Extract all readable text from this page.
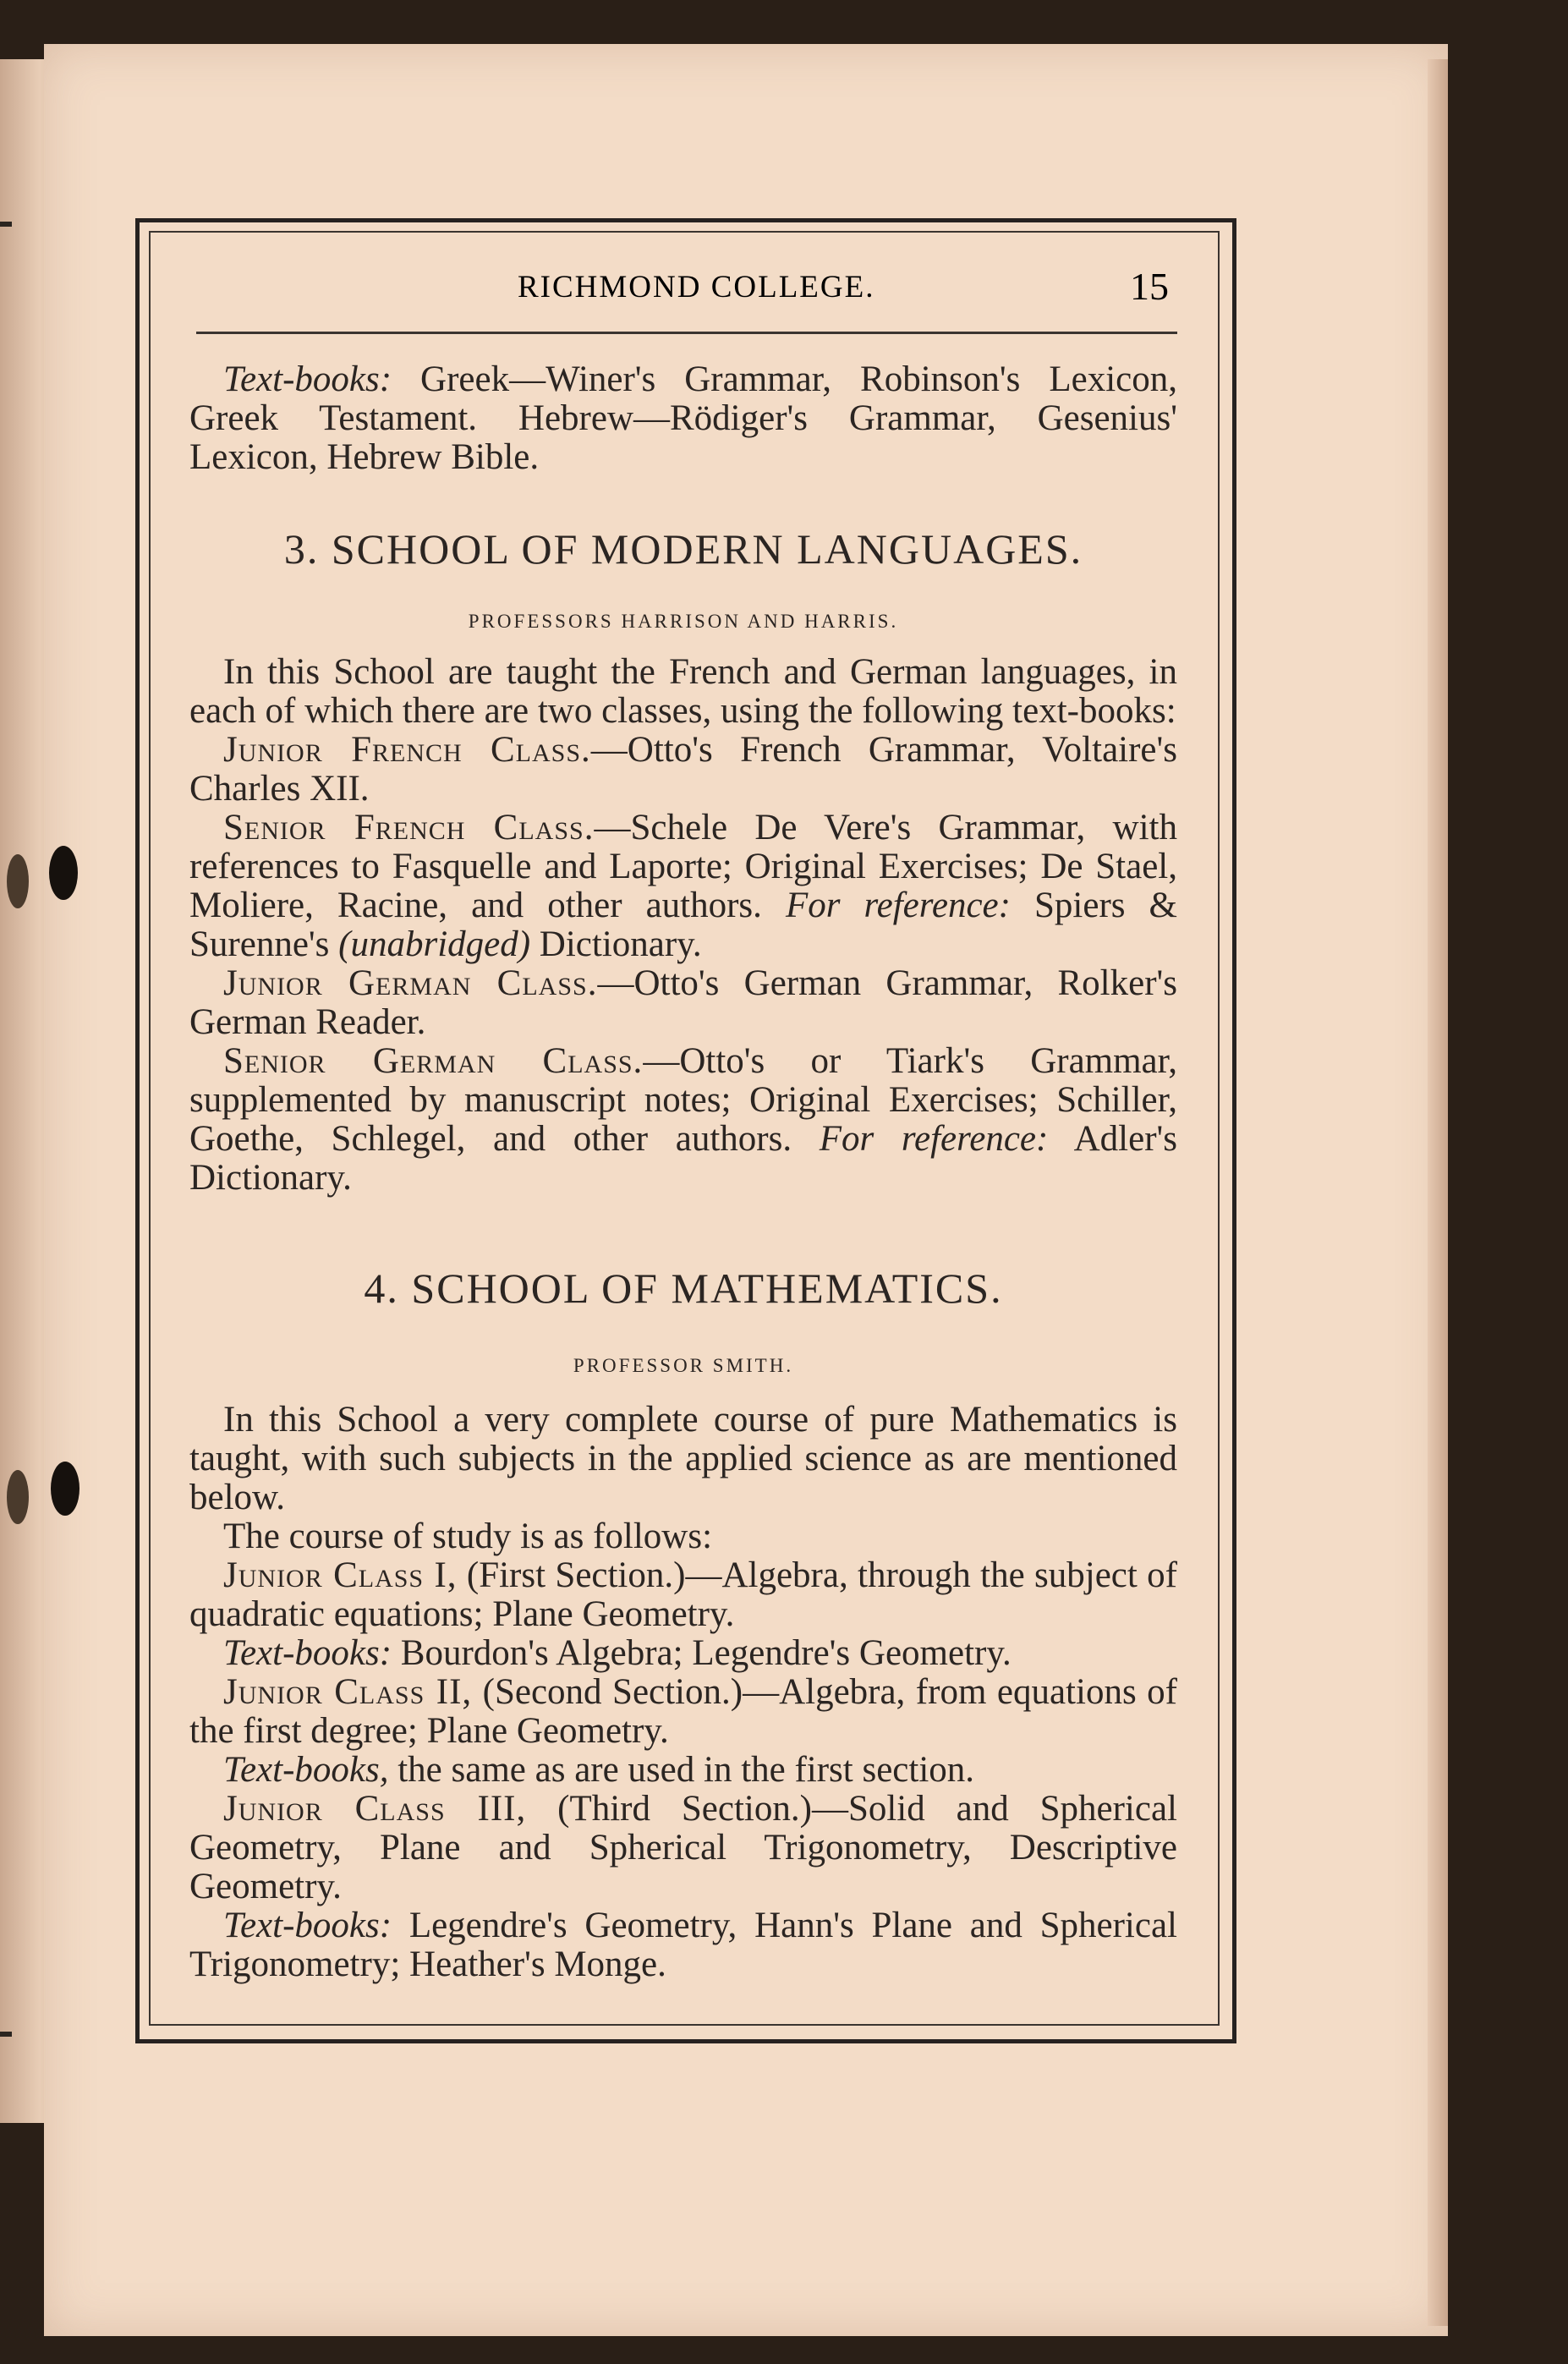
RICHMOND COLLEGE.	15

Text-books: Greek—Winer's Grammar, Robinson's Lexicon, Greek Testament. Hebrew—Rödiger's Grammar, Gesenius' Lexicon, Hebrew Bible.

3. SCHOOL OF MODERN LANGUAGES.

PROFESSORS HARRISON AND HARRIS.

In this School are taught the French and German languages, in each of which there are two classes, using the following text-books:

Junior French Class.—Otto's French Grammar, Voltaire's Charles XII.

Senior French Class.—Schele De Vere's Grammar, with references to Fasquelle and Laporte; Original Exercises; De Stael, Moliere, Racine, and other authors. For reference: Spiers & Surenne's (unabridged) Dictionary.

Junior German Class.—Otto's German Grammar, Rolker's German Reader.

Senior German Class.—Otto's or Tiark's Grammar, supplemented by manuscript notes; Original Exercises; Schiller, Goethe, Schlegel, and other authors. For reference: Adler's Dictionary.

4. SCHOOL OF MATHEMATICS.

PROFESSOR SMITH.

In this School a very complete course of pure Mathematics is taught, with such subjects in the applied science as are mentioned below.

The course of study is as follows:

Junior Class I, (First Section.)—Algebra, through the subject of quadratic equations; Plane Geometry.

Text-books: Bourdon's Algebra; Legendre's Geometry.

Junior Class II, (Second Section.)—Algebra, from equations of the first degree; Plane Geometry.

Text-books, the same as are used in the first section.

Junior Class III, (Third Section.)—Solid and Spherical Geometry, Plane and Spherical Trigonometry, Descriptive Geometry.

Text-books: Legendre's Geometry, Hann's Plane and Spherical Trigonometry; Heather's Monge.
